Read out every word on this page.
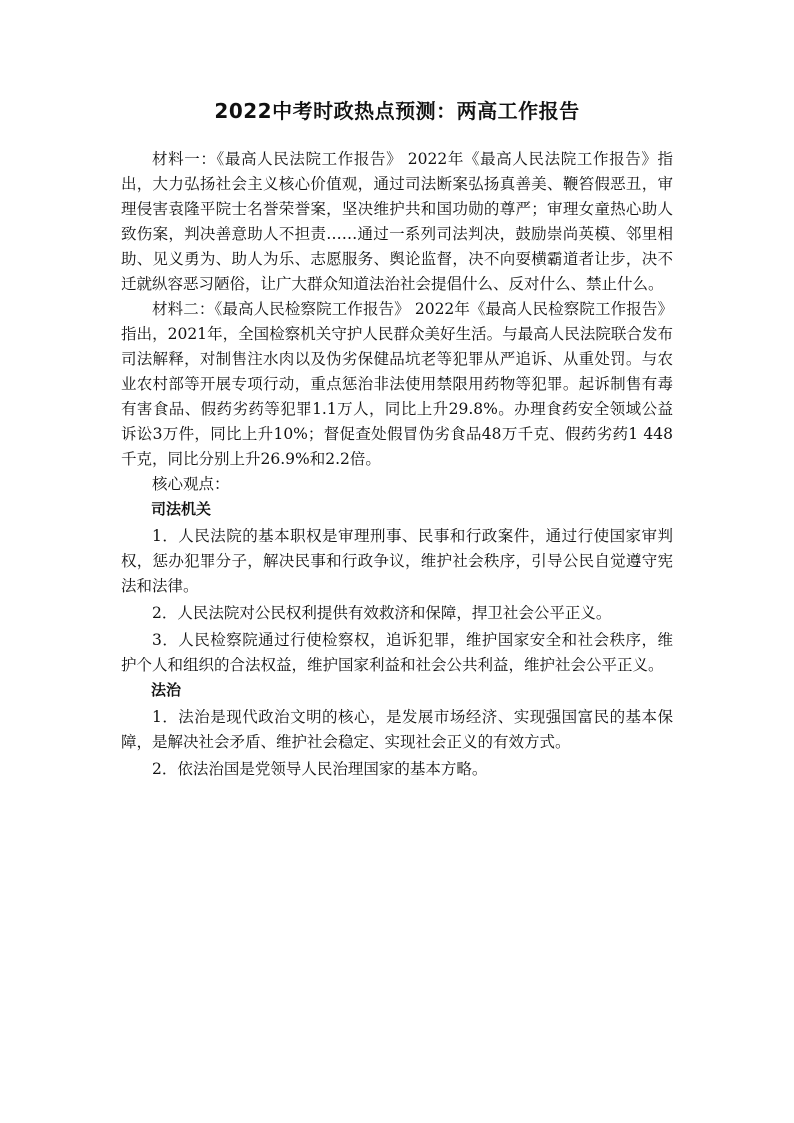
2022中考时政热点预测：两高工作报告

材料一：《最高人民法院工作报告》 2022年《最高人民法院工作报告》指出，大力弘扬社会主义核心价值观，通过司法断案弘扬真善美、鞭笞假恶丑，审理侵害袁隆平院士名誉荣誉案，坚决维护共和国功勋的尊严；审理女童热心助人致伤案，判决善意助人不担责……通过一系列司法判决，鼓励崇尚英模、邻里相助、见义勇为、助人为乐、志愿服务、舆论监督，决不向耍横霸道者让步，决不迁就纵容恶习陋俗，让广大群众知道法治社会提倡什么、反对什么、禁止什么。

材料二：《最高人民检察院工作报告》 2022年《最高人民检察院工作报告》指出，2021年，全国检察机关守护人民群众美好生活。与最高人民法院联合发布司法解释，对制售注水肉以及伪劣保健品坑老等犯罪从严追诉、从重处罚。与农业农村部等开展专项行动，重点惩治非法使用禁限用药物等犯罪。起诉制售有毒有害食品、假药劣药等犯罪1.1万人，同比上升29.8%。办理食药安全领域公益诉讼3万件，同比上升10%；督促查处假冒伪劣食品48万千克、假药劣药1 448千克，同比分别上升26.9%和2.2倍。

核心观点：

司法机关

1．人民法院的基本职权是审理刑事、民事和行政案件，通过行使国家审判权，惩办犯罪分子，解决民事和行政争议，维护社会秩序，引导公民自觉遵守宪法和法律。

2．人民法院对公民权利提供有效救济和保障，捍卫社会公平正义。

3．人民检察院通过行使检察权，追诉犯罪，维护国家安全和社会秩序，维护个人和组织的合法权益，维护国家利益和社会公共利益，维护社会公平正义。

法治

1．法治是现代政治文明的核心，是发展市场经济、实现强国富民的基本保障，是解决社会矛盾、维护社会稳定、实现社会正义的有效方式。

2．依法治国是党领导人民治理国家的基本方略。
